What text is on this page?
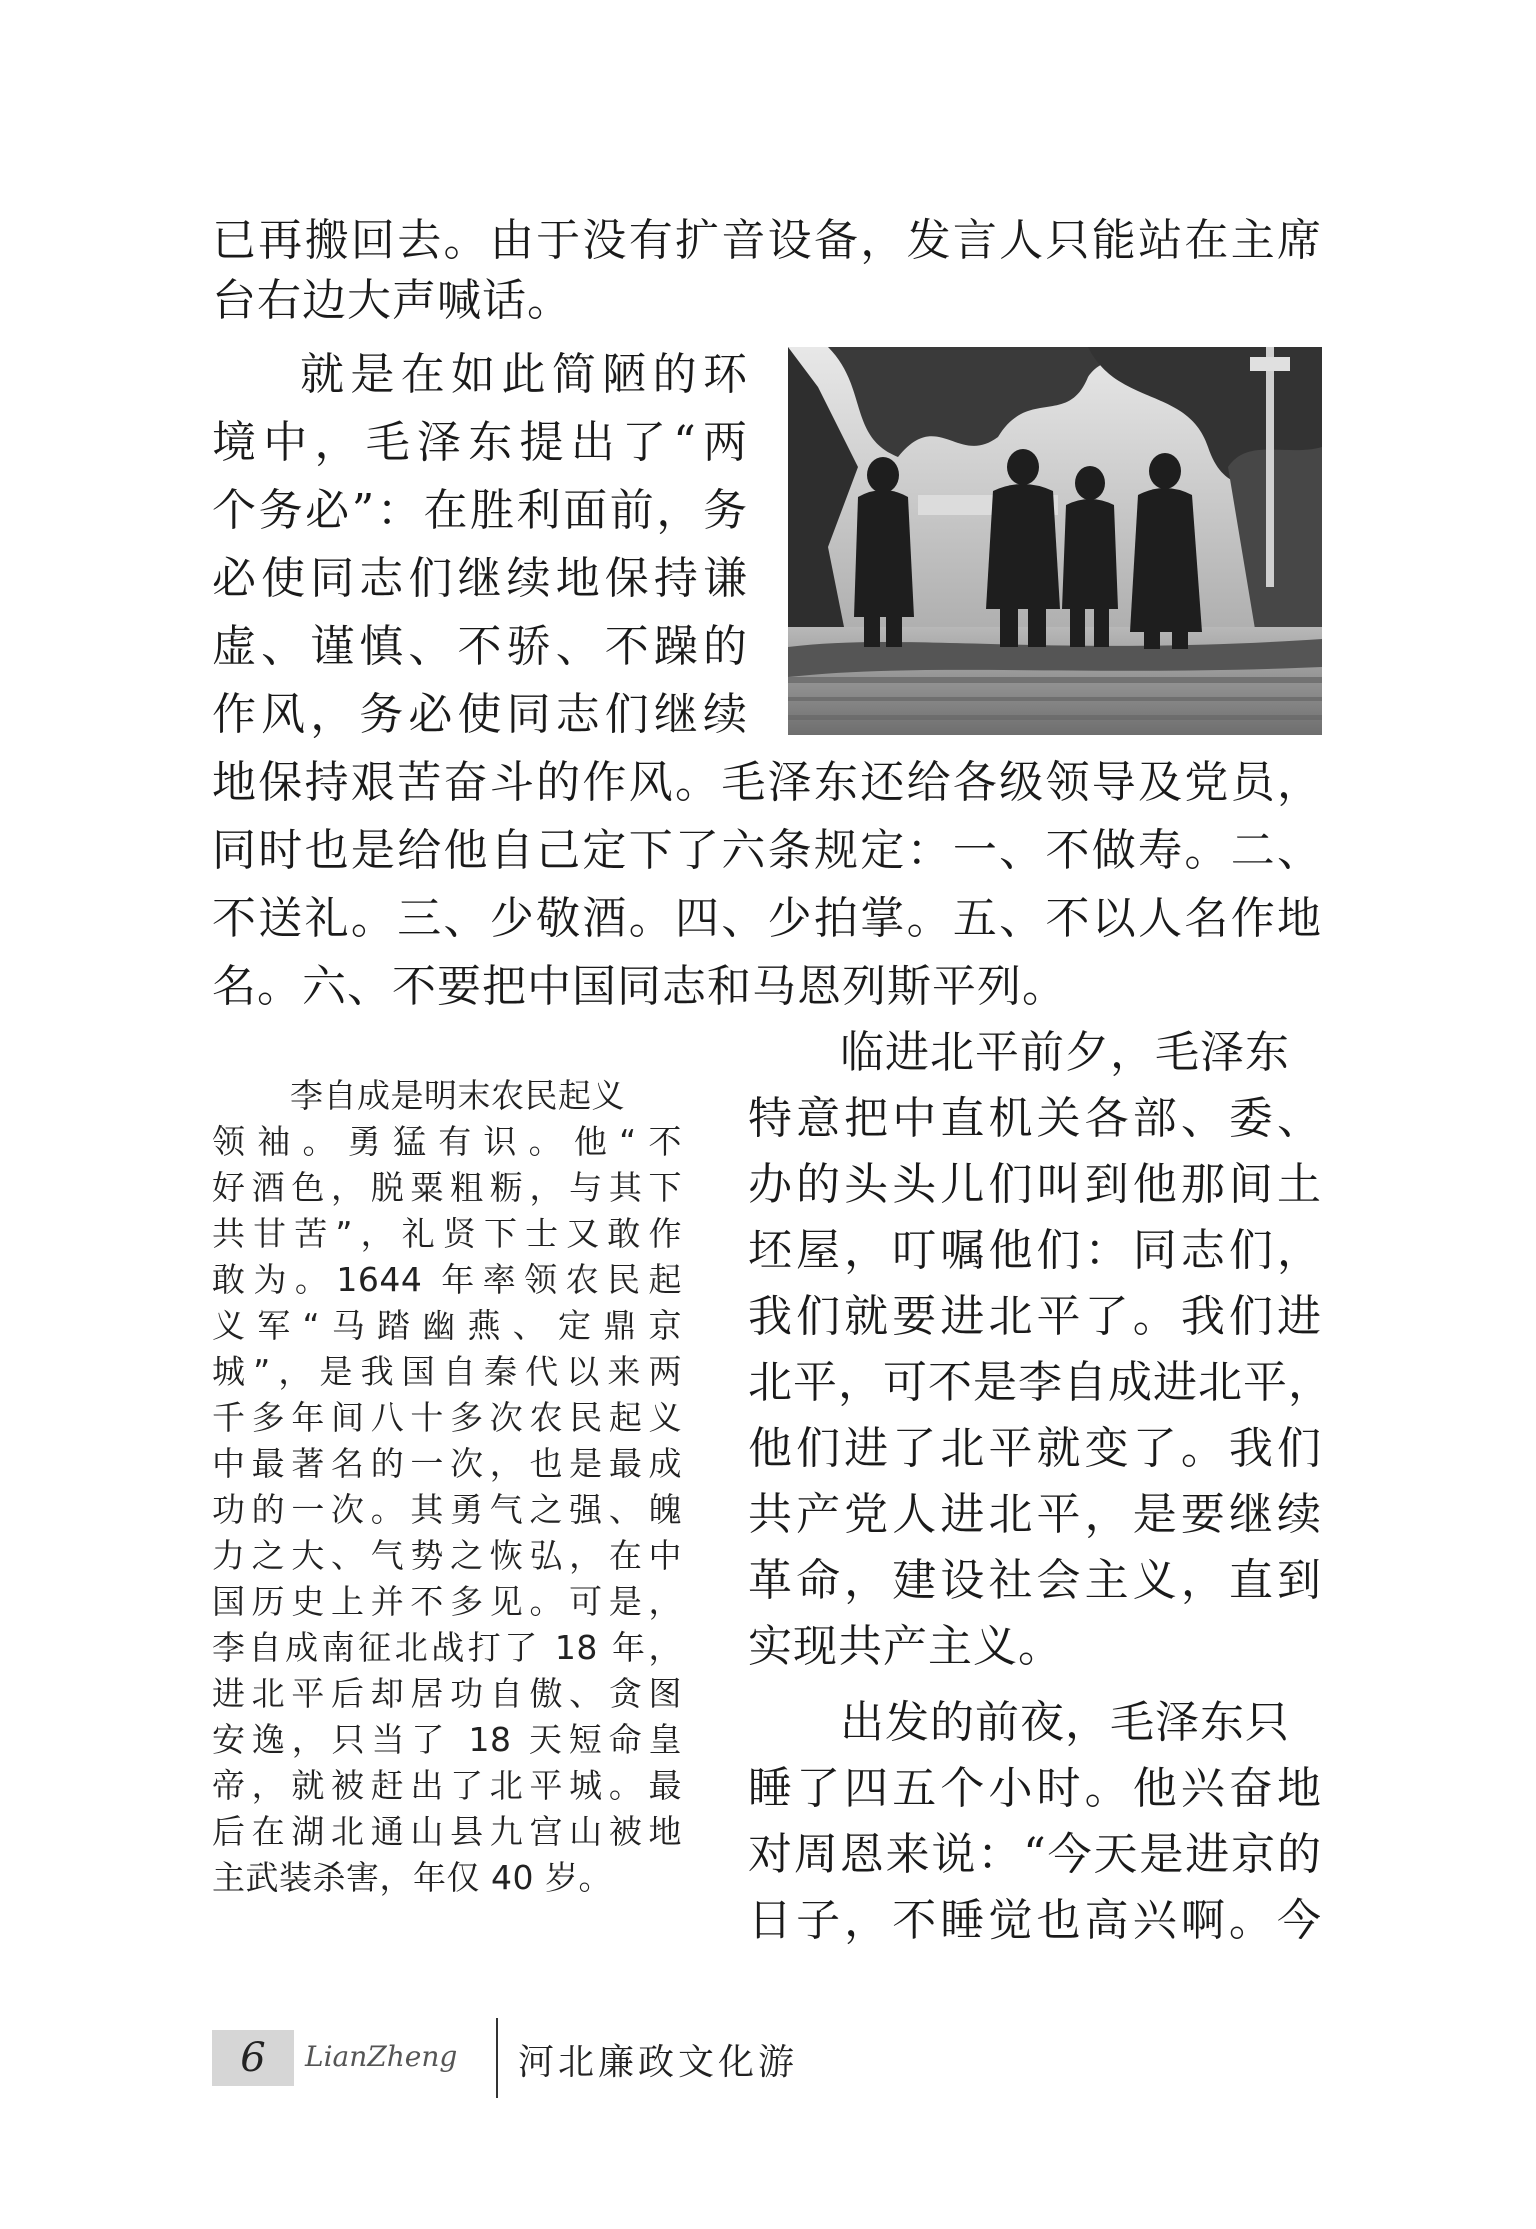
已再搬回去。由于没有扩音设备，发言人只能站在主席
台右边大声喊话。
就是在如此简陋的环
境中，毛泽东提出了“两
个务必”：在胜利面前，务
必使同志们继续地保持谦
虚、谨慎、不骄、不躁的
作风，务必使同志们继续
地保持艰苦奋斗的作风。毛泽东还给各级领导及党员，
同时也是给他自己定下了六条规定：一、不做寿。二、
不送礼。三、少敬酒。四、少拍掌。五、不以人名作地
名。六、不要把中国同志和马恩列斯平列。
李自成是明末农民起义
领袖。勇猛有识。他“不
好酒色，脱粟粗粝，与其下
共甘苦”，礼贤下士又敢作
敢为。1644 年率领农民起
义军“马踏幽燕、定鼎京
城”，是我国自秦代以来两
千多年间八十多次农民起义
中最著名的一次，也是最成
功的一次。其勇气之强、魄
力之大、气势之恢弘，在中
国历史上并不多见。可是，
李自成南征北战打了 18 年，
进北平后却居功自傲、贪图
安逸，只当了 18 天短命皇
帝，就被赶出了北平城。最
后在湖北通山县九宫山被地
主武装杀害，年仅 40 岁。
临进北平前夕，毛泽东
特意把中直机关各部、委、
办的头头儿们叫到他那间土
坯屋，叮嘱他们：同志们，
我们就要进北平了。我们进
北平，可不是李自成进北平，
他们进了北平就变了。我们
共产党人进北平，是要继续
革命，建设社会主义，直到
实现共产主义。
出发的前夜，毛泽东只
睡了四五个小时。他兴奋地
对周恩来说：“今天是进京的
日子，不睡觉也高兴啊。今
6	LianZheng 河北廉政文化游
